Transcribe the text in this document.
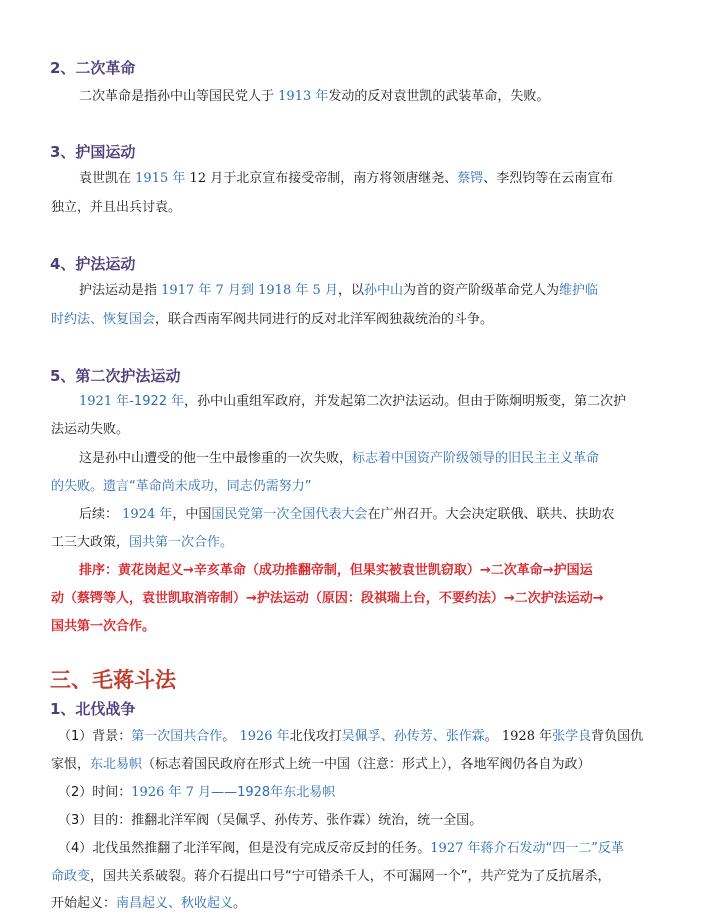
2、二次革命
二次革命是指孙中山等国民党人于 1913 年发动的反对袁世凯的武装革命，失败。
3、护国运动
袁世凯在 1915 年 12 月于北京宣布接受帝制，南方将领唐继尧、蔡锷、李烈钧等在云南宣布
独立，并且出兵讨袁。
4、护法运动
护法运动是指 1917 年 7 月到 1918 年 5 月，以孙中山为首的资产阶级革命党人为维护临
时约法、恢复国会，联合西南军阀共同进行的反对北洋军阀独裁统治的斗争。
5、第二次护法运动
1921 年-1922 年，孙中山重组军政府，并发起第二次护法运动。但由于陈炯明叛变，第二次护
法运动失败。
这是孙中山遭受的他一生中最惨重的一次失败，标志着中国资产阶级领导的旧民主主义革命
的失败。遗言“革命尚未成功，同志仍需努力”
后续： 1924 年，中国国民党第一次全国代表大会在广州召开。大会决定联俄、联共、扶助农
工三大政策，国共第一次合作。
排序：黄花岗起义→辛亥革命（成功推翻帝制，但果实被袁世凯窃取）→二次革命→护国运
动（蔡锷等人，袁世凯取消帝制）→护法运动（原因：段祺瑞上台，不要约法）→二次护法运动→
国共第一次合作。
三、毛蒋斗法
1、北伐战争
（1）背景：第一次国共合作。 1926 年北伐攻打吴佩孚、孙传芳、张作霖。 1928 年张学良背负国仇
家恨，东北易帜（标志着国民政府在形式上统一中国（注意：形式上），各地军阀仍各自为政）
（2）时间：1926 年 7 月——1928年东北易帜
（3）目的：推翻北洋军阀（吴佩孚、孙传芳、张作霖）统治，统一全国。
（4）北伐虽然推翻了北洋军阀，但是没有完成反帝反封的任务。1927 年蒋介石发动“四一二”反革
命政变，国共关系破裂。蒋介石提出口号“宁可错杀千人，不可漏网一个”，共产党为了反抗屠杀，
开始起义：南昌起义、秋收起义。
